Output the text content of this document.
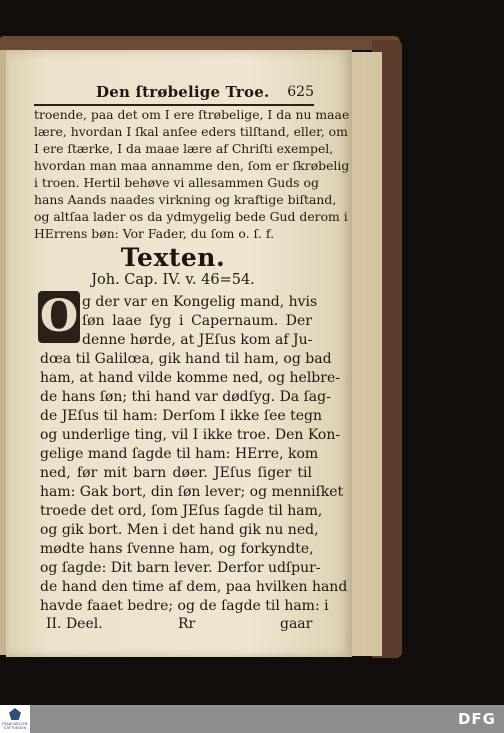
Den ſtrøbelige Troe. 625
troende, paa det om I ere ſtrøbelige, I da nu maae
lære, hvordan I ſkal anſee eders tilſtand, eller, om
I ere ſtærke, I da maae lære af Chriſti exempel,
hvordan man maa annamme den, ſom er ſkrøbelig
i troen. Hertil behøve vi allesammen Guds og
hans Aands naades virkning og kraftige biſtand,
og altſaa lader os da ydmygelig bede Gud derom i
HErrens bøn: Vor Fader, du ſom o. ſ. f.
Texten.
Joh. Cap. IV. v. 46=54.
O g der var en Kongelig mand, hvis
ſøn laae ſyg i Capernaum. Der
denne hørde, at JEſus kom af Ju-
dœa til Galilœa, gik hand til ham, og bad
ham, at hand vilde komme ned, og helbre-
de hans ſøn; thi hand var dødſyg. Da ſag-
de JEſus til ham: Derſom I ikke ſee tegn
og underlige ting, vil I ikke troe. Den Kon-
gelige mand ſagde til ham: HErre, kom
ned, før mit barn døer. JEſus ſiger til
ham: Gak bort, din ſøn lever; og menniſket
troede det ord, ſom JEſus ſagde til ham,
og gik bort. Men i det hand gik nu ned,
mødte hans ſvenne ham, og forkyndte,
og ſagde: Dit barn lever. Derfor udſpur-
de hand den time af dem, paa hvilken hand
havde faaet bedre; og de ſagde til ham: i
II. Deel.	Rr	gaar
FRANCKESCHE STIFTUNGEN	DFG
